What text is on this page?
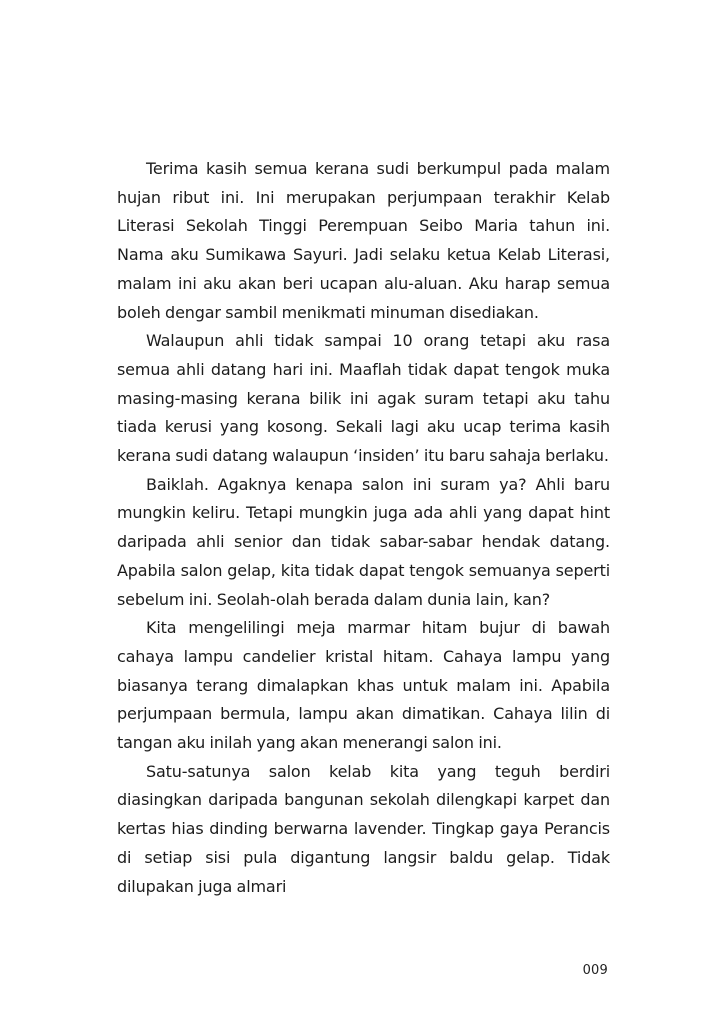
Terima kasih semua kerana sudi berkumpul pada malam hujan ribut ini. Ini merupakan perjumpaan terakhir Kelab Literasi Sekolah Tinggi Perempuan Seibo Maria tahun ini. Nama aku Sumikawa Sayuri. Jadi selaku ketua Kelab Literasi, malam ini aku akan beri ucapan alu-aluan. Aku harap semua boleh dengar sambil menikmati minuman disediakan.

Walaupun ahli tidak sampai 10 orang tetapi aku rasa semua ahli datang hari ini. Maaflah tidak dapat tengok muka masing-masing kerana bilik ini agak suram tetapi aku tahu tiada kerusi yang kosong. Sekali lagi aku ucap terima kasih kerana sudi datang walaupun ‘insiden’ itu baru sahaja berlaku.

Baiklah. Agaknya kenapa salon ini suram ya? Ahli baru mungkin keliru. Tetapi mungkin juga ada ahli yang dapat hint daripada ahli senior dan tidak sabar-sabar hendak datang. Apabila salon gelap, kita tidak dapat tengok semuanya seperti sebelum ini. Seolah-olah berada dalam dunia lain, kan?

Kita mengelilingi meja marmar hitam bujur di bawah cahaya lampu candelier kristal hitam. Cahaya lampu yang biasanya terang dimalapkan khas untuk malam ini. Apabila perjumpaan bermula, lampu akan dimatikan. Cahaya lilin di tangan aku inilah yang akan menerangi salon ini.

Satu-satunya salon kelab kita yang teguh berdiri diasingkan daripada bangunan sekolah dilengkapi karpet dan kertas hias dinding berwarna lavender. Tingkap gaya Perancis di setiap sisi pula digantung langsir baldu gelap. Tidak dilupakan juga almari

009
